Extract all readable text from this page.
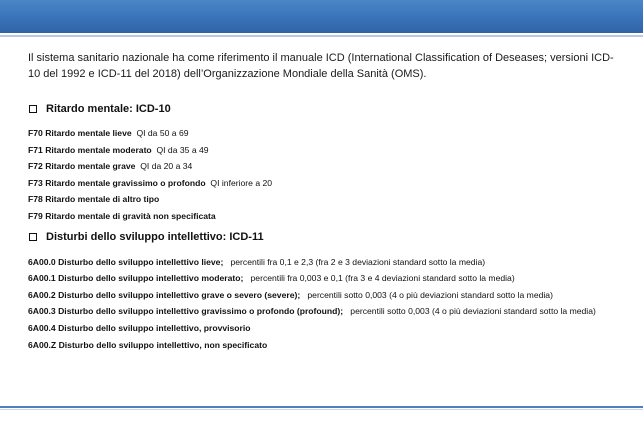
Il sistema sanitario nazionale ha come riferimento il manuale ICD (International Classification of Deseases; versioni ICD-10 del 1992 e ICD-11 del 2018) dell’Organizzazione Mondiale della Sanità (OMS).

Ritardo mentale: ICD-10
F70 Ritardo mentale lieve QI da 50 a 69
F71 Ritardo mentale moderato QI da 35 a 49
F72 Ritardo mentale grave QI da 20 a 34
F73 Ritardo mentale gravissimo o profondo QI inferiore a 20
F78 Ritardo mentale di altro tipo
F79 Ritardo mentale di gravità non specificata
Disturbi dello sviluppo intellettivo: ICD-11
6A00.0 Disturbo dello sviluppo intellettivo lieve; percentili fra 0,1 e 2,3 (fra 2 e 3 deviazioni standard sotto la media)
6A00.1 Disturbo dello sviluppo intellettivo moderato; percentili fra 0,003 e 0,1 (fra 3 e 4 deviazioni standard sotto la media)
6A00.2 Disturbo dello sviluppo intellettivo grave o severo (severe); percentili sotto 0,003 (4 o più deviazioni standard sotto la media)
6A00.3 Disturbo dello sviluppo intellettivo gravissimo o profondo (profound); percentili sotto 0,003 (4 o più deviazioni standard sotto la media)
6A00.4 Disturbo dello sviluppo intellettivo, provvisorio
6A00.Z Disturbo dello sviluppo intellettivo, non specificato
